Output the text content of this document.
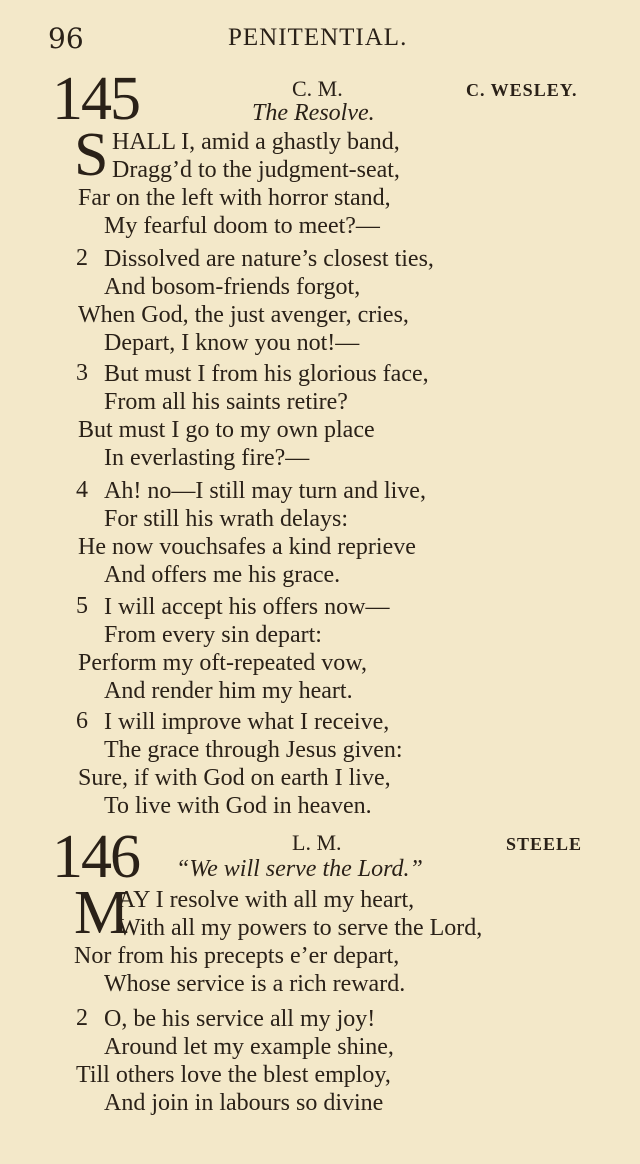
96	PENITENTIAL.
145	C. M.	C. WESLEY.
The Resolve.
S HALL I, amid a ghastly band,
Dragg’d to the judgment-seat,
Far on the left with horror stand,
My fearful doom to meet?—
2 Dissolved are nature’s closest ties,
And bosom-friends forgot,
When God, the just avenger, cries,
Depart, I know you not!—
3 But must I from his glorious face,
From all his saints retire?
But must I go to my own place
In everlasting fire?—
4 Ah! no—I still may turn and live,
For still his wrath delays:
He now vouchsafes a kind reprieve
And offers me his grace.
5 I will accept his offers now—
From every sin depart:
Perform my oft-repeated vow,
And render him my heart.
6 I will improve what I receive,
The grace through Jesus given:
Sure, if with God on earth I live,
To live with God in heaven.
146	L. M.	STEELE
“We will serve the Lord.”
M
AY I resolve with all my heart,
With all my powers to serve the Lord,
Nor from his precepts e’er depart,
Whose service is a rich reward.
2 O, be his service all my joy!
Around let my example shine,
Till others love the blest employ,
And join in labours so divine
